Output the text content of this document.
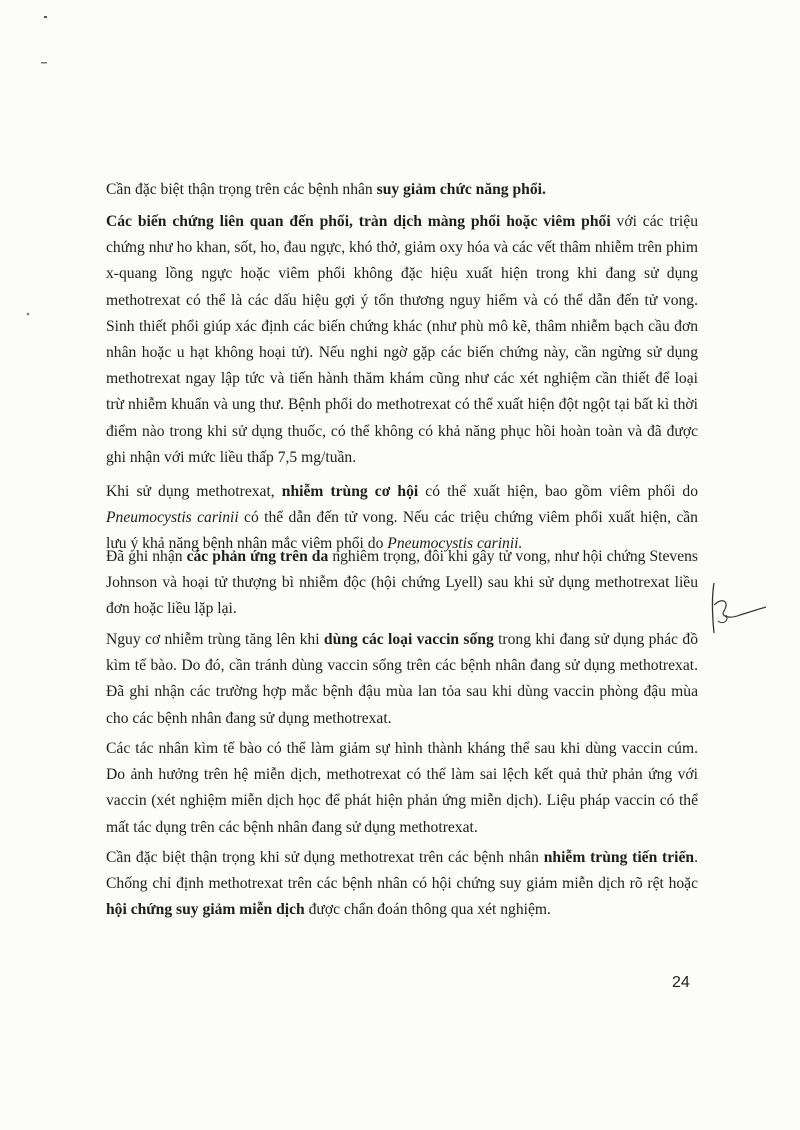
Cần đặc biệt thận trọng trên các bệnh nhân suy giảm chức năng phổi.

Các biến chứng liên quan đến phổi, tràn dịch màng phổi hoặc viêm phổi với các triệu chứng như ho khan, sốt, ho, đau ngực, khó thở, giảm oxy hóa và các vết thâm nhiễm trên phim x-quang lồng ngực hoặc viêm phổi không đặc hiệu xuất hiện trong khi đang sử dụng methotrexat có thể là các dấu hiệu gợi ý tổn thương nguy hiểm và có thể dẫn đến tử vong. Sinh thiết phổi giúp xác định các biến chứng khác (như phù mô kẽ, thâm nhiễm bạch cầu đơn nhân hoặc u hạt không hoại tử). Nếu nghi ngờ gặp các biến chứng này, cần ngừng sử dụng methotrexat ngay lập tức và tiến hành thăm khám cũng như các xét nghiệm cần thiết để loại trừ nhiễm khuẩn và ung thư. Bệnh phổi do methotrexat có thể xuất hiện đột ngột tại bất kì thời điểm nào trong khi sử dụng thuốc, có thể không có khả năng phục hồi hoàn toàn và đã được ghi nhận với mức liều thấp 7,5 mg/tuần.

Khi sử dụng methotrexat, nhiễm trùng cơ hội có thể xuất hiện, bao gồm viêm phổi do Pneumocystis carinii có thể dẫn đến tử vong. Nếu các triệu chứng viêm phổi xuất hiện, cần lưu ý khả năng bệnh nhân mắc viêm phổi do Pneumocystis carinii.

Đã ghi nhận các phản ứng trên da nghiêm trọng, đôi khi gây tử vong, như hội chứng Stevens Johnson và hoại tử thượng bì nhiễm độc (hội chứng Lyell) sau khi sử dụng methotrexat liều đơn hoặc liều lặp lại.

Nguy cơ nhiễm trùng tăng lên khi dùng các loại vaccin sống trong khi đang sử dụng phác đồ kìm tế bào. Do đó, cần tránh dùng vaccin sống trên các bệnh nhân đang sử dụng methotrexat. Đã ghi nhận các trường hợp mắc bệnh đậu mùa lan tỏa sau khi dùng vaccin phòng đậu mùa cho các bệnh nhân đang sử dụng methotrexat.

Các tác nhân kìm tế bào có thể làm giảm sự hình thành kháng thể sau khi dùng vaccin cúm. Do ảnh hưởng trên hệ miễn dịch, methotrexat có thể làm sai lệch kết quả thử phản ứng với vaccin (xét nghiệm miễn dịch học để phát hiện phản ứng miễn dịch). Liệu pháp vaccin có thể mất tác dụng trên các bệnh nhân đang sử dụng methotrexat.

Cần đặc biệt thận trọng khi sử dụng methotrexat trên các bệnh nhân nhiễm trùng tiến triển. Chống chỉ định methotrexat trên các bệnh nhân có hội chứng suy giảm miễn dịch rõ rệt hoặc hội chứng suy giảm miễn dịch được chẩn đoán thông qua xét nghiệm.

24
